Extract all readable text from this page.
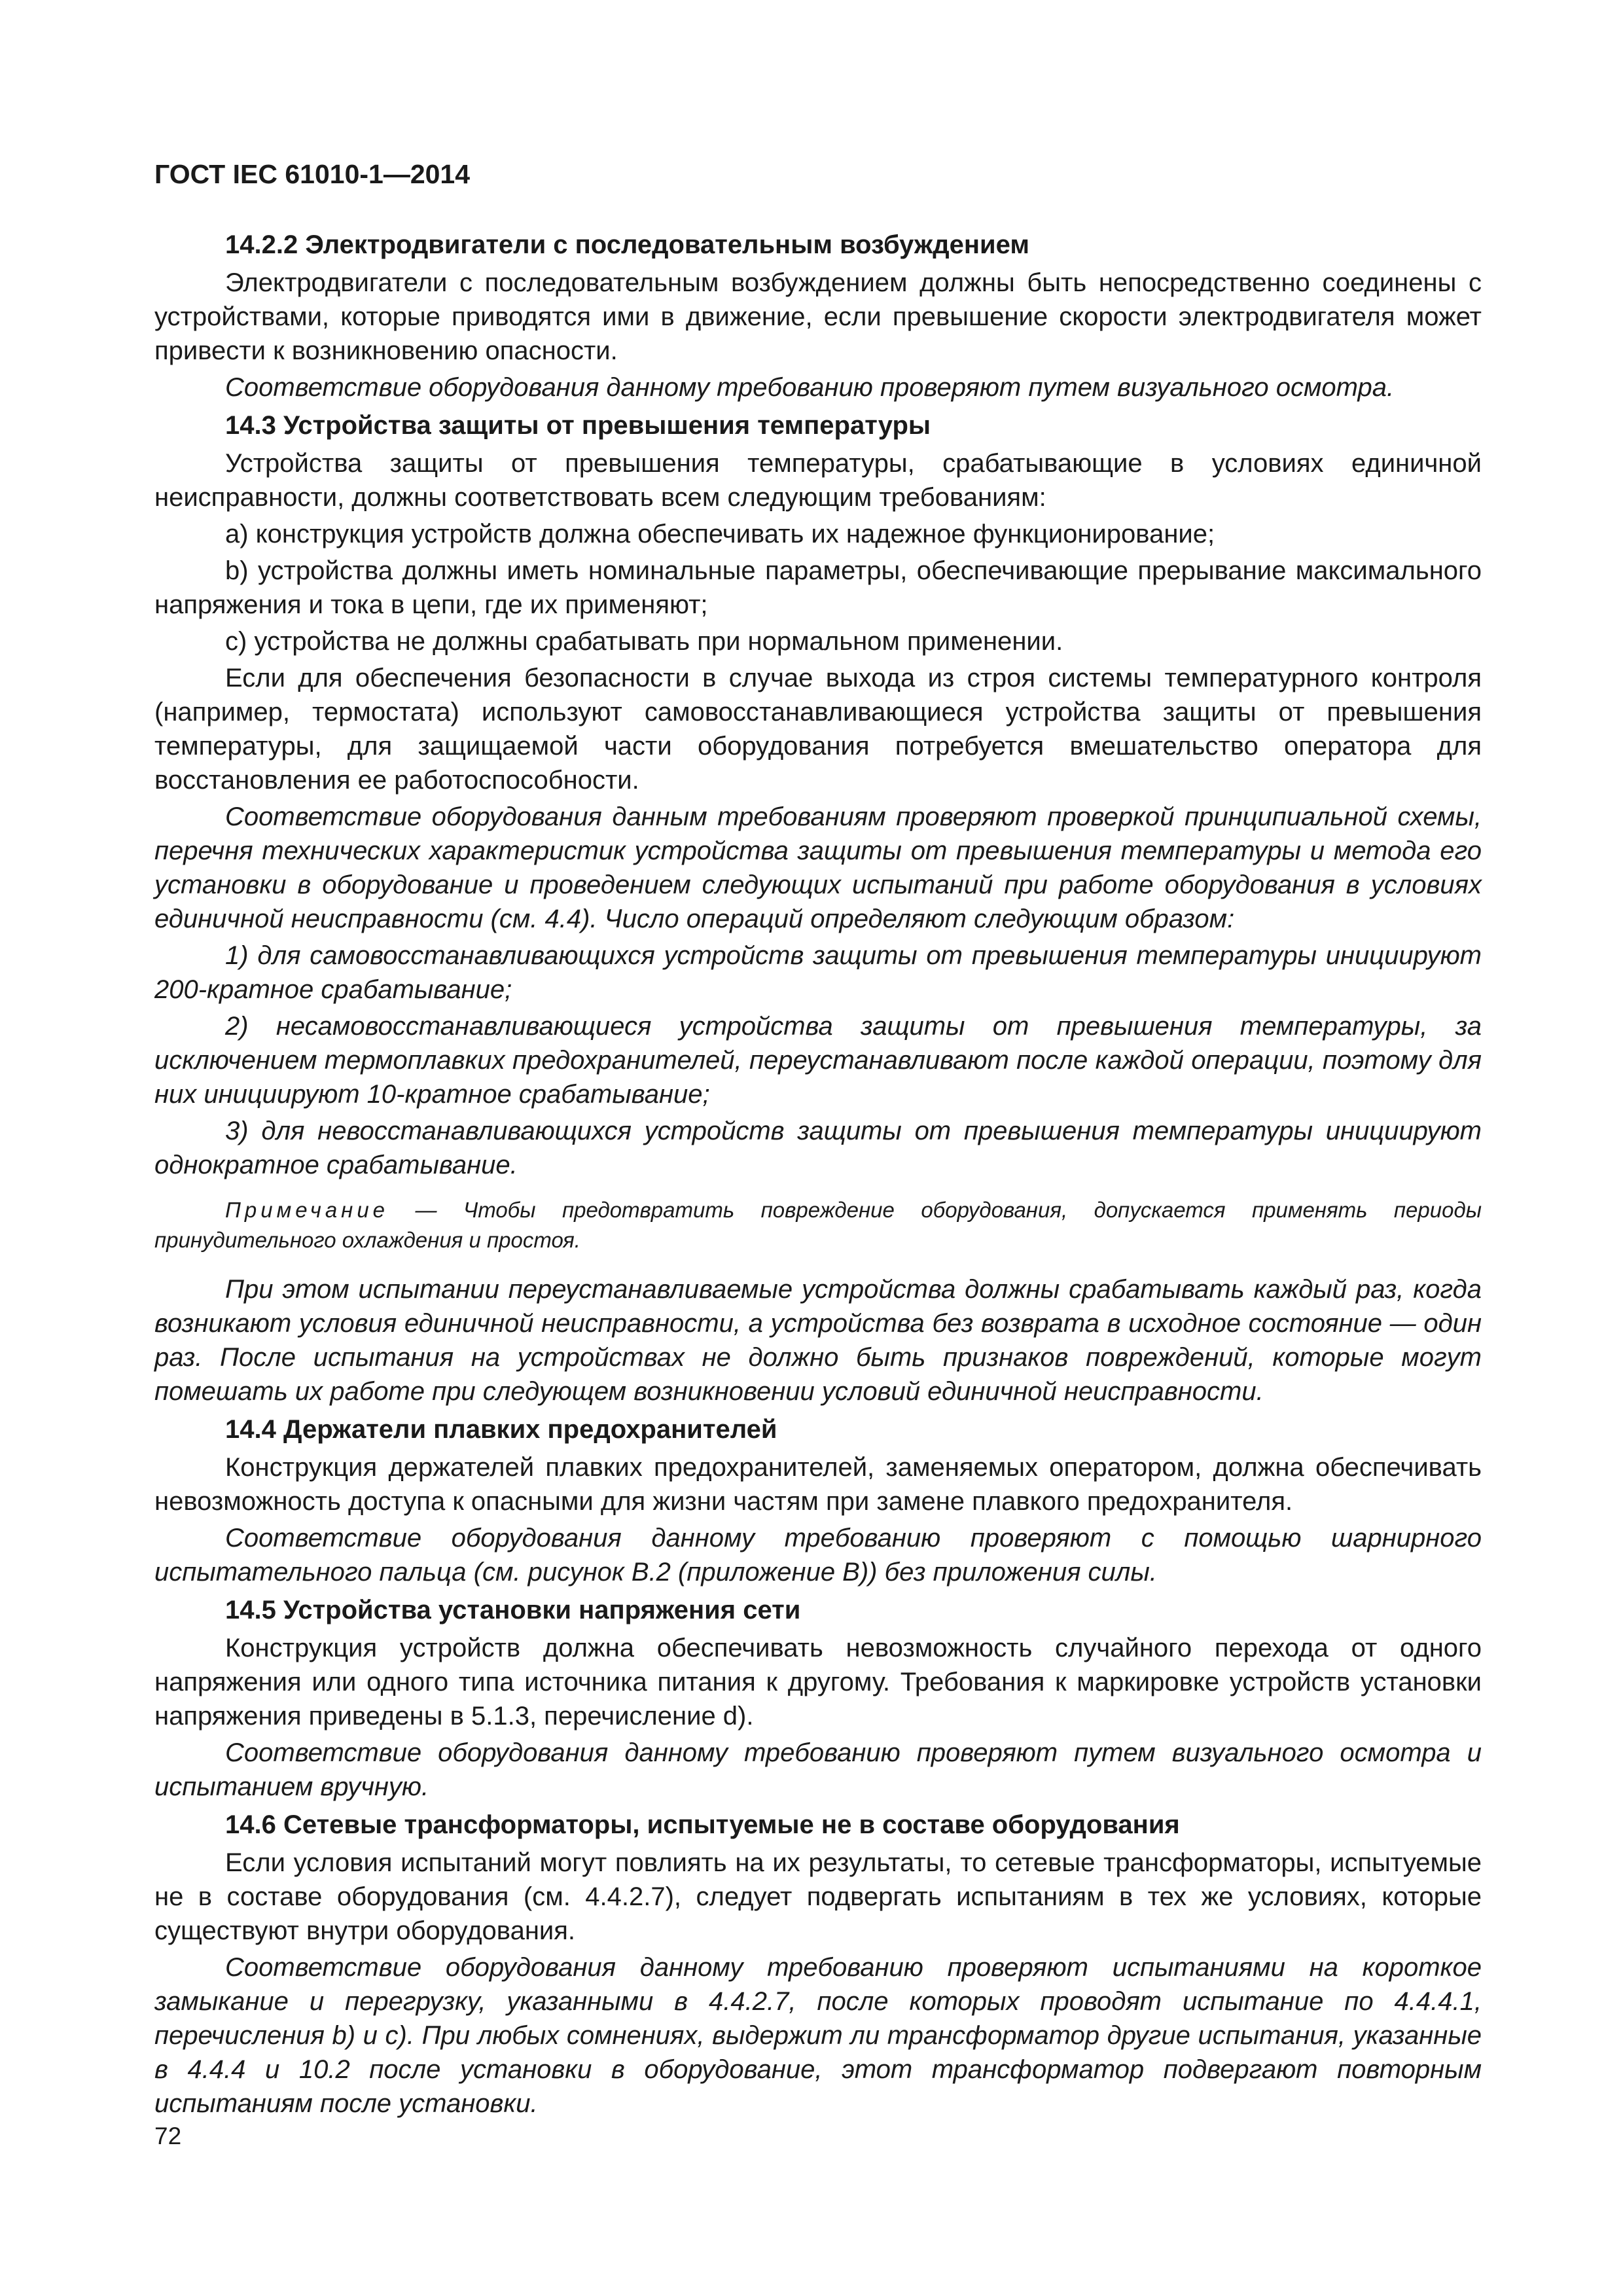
ГОСТ IEC 61010-1—2014
14.2.2 Электродвигатели с последовательным возбуждением

Электродвигатели с последовательным возбуждением должны быть непосредственно соединены с устройствами, которые приводятся ими в движение, если превышение скорости электродвигателя может привести к возникновению опасности.

Соответствие оборудования данному требованию проверяют путем визуального осмотра.

14.3 Устройства защиты от превышения температуры

Устройства защиты от превышения температуры, срабатывающие в условиях единичной неисправности, должны соответствовать всем следующим требованиям:

a) конструкция устройств должна обеспечивать их надежное функционирование;

b) устройства должны иметь номинальные параметры, обеспечивающие прерывание максимального напряжения и тока в цепи, где их применяют;

c) устройства не должны срабатывать при нормальном применении.

Если для обеспечения безопасности в случае выхода из строя системы температурного контроля (например, термостата) используют самовосстанавливающиеся устройства защиты от превышения температуры, для защищаемой части оборудования потребуется вмешательство оператора для восстановления ее работоспособности.

Соответствие оборудования данным требованиям проверяют проверкой принципиальной схемы, перечня технических характеристик устройства защиты от превышения температуры и метода его установки в оборудование и проведением следующих испытаний при работе оборудования в условиях единичной неисправности (см. 4.4). Число операций определяют следующим образом:

1) для самовосстанавливающихся устройств защиты от превышения температуры инициируют 200-кратное срабатывание;

2) несамовосстанавливающиеся устройства защиты от превышения температуры, за исключением термоплавких предохранителей, переустанавливают после каждой операции, поэтому для них инициируют 10-кратное срабатывание;

3) для невосстанавливающихся устройств защиты от превышения температуры инициируют однократное срабатывание.

Примечание — Чтобы предотвратить повреждение оборудования, допускается применять периоды принудительного охлаждения и простоя.

При этом испытании переустанавливаемые устройства должны срабатывать каждый раз, когда возникают условия единичной неисправности, а устройства без возврата в исходное состояние — один раз. После испытания на устройствах не должно быть признаков повреждений, которые могут помешать их работе при следующем возникновении условий единичной неисправности.

14.4 Держатели плавких предохранителей

Конструкция держателей плавких предохранителей, заменяемых оператором, должна обеспечивать невозможность доступа к опасными для жизни частям при замене плавкого предохранителя.

Соответствие оборудования данному требованию проверяют с помощью шарнирного испытательного пальца (см. рисунок В.2 (приложение В)) без приложения силы.

14.5 Устройства установки напряжения сети

Конструкция устройств должна обеспечивать невозможность случайного перехода от одного напряжения или одного типа источника питания к другому. Требования к маркировке устройств установки напряжения приведены в 5.1.3, перечисление d).

Соответствие оборудования данному требованию проверяют путем визуального осмотра и испытанием вручную.

14.6 Сетевые трансформаторы, испытуемые не в составе оборудования

Если условия испытаний могут повлиять на их результаты, то сетевые трансформаторы, испытуемые не в составе оборудования (см. 4.4.2.7), следует подвергать испытаниям в тех же условиях, которые существуют внутри оборудования.

Соответствие оборудования данному требованию проверяют испытаниями на короткое замыкание и перегрузку, указанными в 4.4.2.7, после которых проводят испытание по 4.4.4.1, перечисления b) и c). При любых сомнениях, выдержит ли трансформатор другие испытания, указанные в 4.4.4 и 10.2 после установки в оборудование, этот трансформатор подвергают повторным испытаниям после установки.

72
